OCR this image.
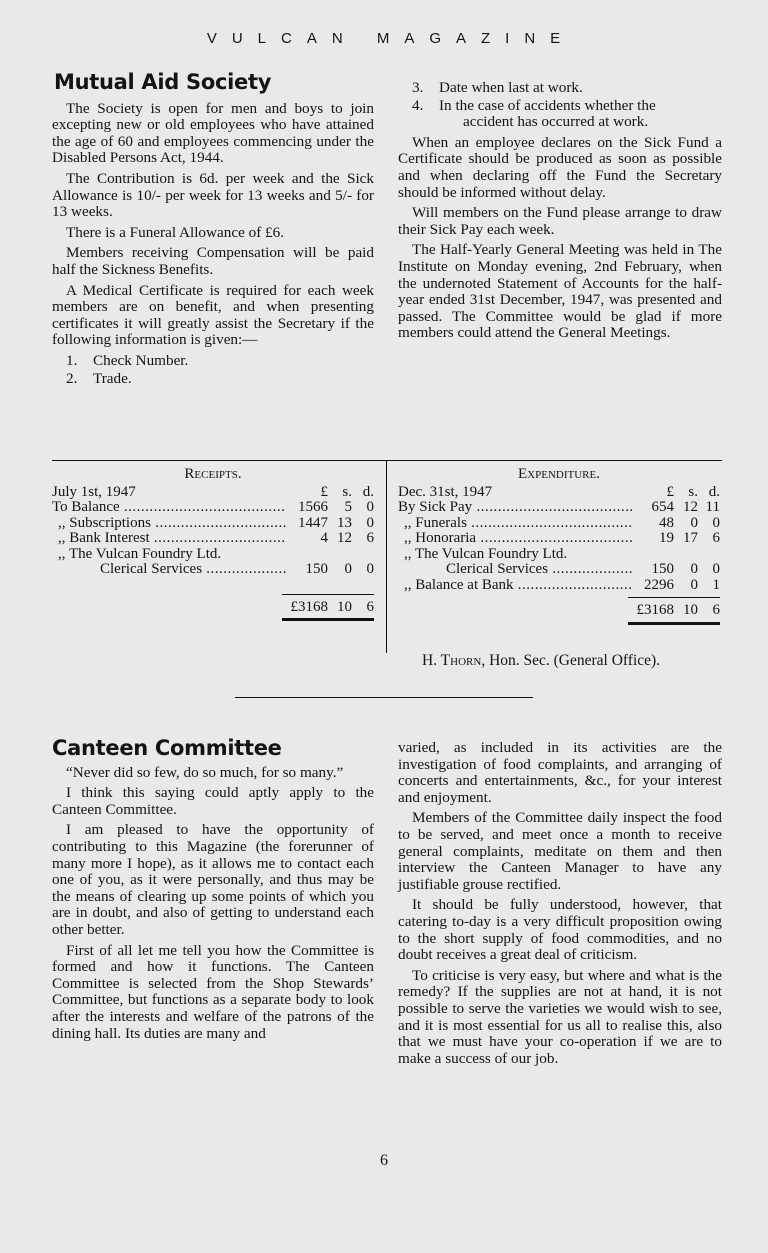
VULCAN MAGAZINE
Mutual Aid Society

The Society is open for men and boys to join excepting new or old employees who have attained the age of 60 and employees commencing under the Disabled Persons Act, 1944.

The Contribution is 6d. per week and the Sick Allowance is 10/- per week for 13 weeks and 5/- for 13 weeks.

There is a Funeral Allowance of £6.

Members receiving Compensation will be paid half the Sickness Benefits.

A Medical Certificate is required for each week members are on benefit, and when presenting certificates it will greatly assist the Secretary if the following information is given:—

1.	Check Number.
2.	Trade.
3.	Date when last at work.
4.	In the case of accidents whether the
accident has occurred at work.

When an employee declares on the Sick Fund a Certificate should be produced as soon as possible and when declaring off the Fund the Secretary should be informed without delay.

Will members on the Fund please arrange to draw their Sick Pay each week.

The Half-Yearly General Meeting was held in The Institute on Monday evening, 2nd February, when the undernoted Statement of Accounts for the half-year ended 31st December, 1947, was presented and passed. The Committee would be glad if more members could attend the General Meetings.

Receipts.
July 1st, 1947	£ s. d.
To Balance .....	1566	5 0
,, Subscriptions .....	1447 13 0
,, Bank Interest .....	4 12 6
,, The Vulcan Foundry Ltd.
Clerical Services .....	150	0 0
£3168 10 6
Expenditure.
Dec. 31st, 1947	£ s. d.
By Sick Pay .....	654 12 11
,, Funerals .....	48	0 0
,, Honoraria .....	19 17 6
,, The Vulcan Foundry Ltd.
Clerical Services .....	150	0 0
,, Balance at Bank .....	2296	0 1
£3168 10 6
H. Thorn, Hon. Sec. (General Office).
Canteen Committee

“Never did so few, do so much, for so many.”

I think this saying could aptly apply to the Canteen Committee.

I am pleased to have the opportunity of contributing to this Magazine (the forerunner of many more I hope), as it allows me to contact each one of you, as it were personally, and thus may be the means of clearing up some points of which you are in doubt, and also of getting to understand each other better.

First of all let me tell you how the Committee is formed and how it functions. The Canteen Committee is selected from the Shop Stewards’ Committee, but functions as a separate body to look after the interests and welfare of the patrons of the dining hall. Its duties are many and

varied, as included in its activities are the investigation of food complaints, and arranging of concerts and entertainments, &c., for your interest and enjoyment.

Members of the Committee daily inspect the food to be served, and meet once a month to receive general complaints, meditate on them and then interview the Canteen Manager to have any justifiable grouse rectified.

It should be fully understood, however, that catering to-day is a very difficult proposition owing to the short supply of food commodities, and no doubt receives a great deal of criticism.

To criticise is very easy, but where and what is the remedy? If the supplies are not at hand, it is not possible to serve the varieties we would wish to see, and it is most essential for us all to realise this, also that we must have your co-operation if we are to make a success of our job.

6
